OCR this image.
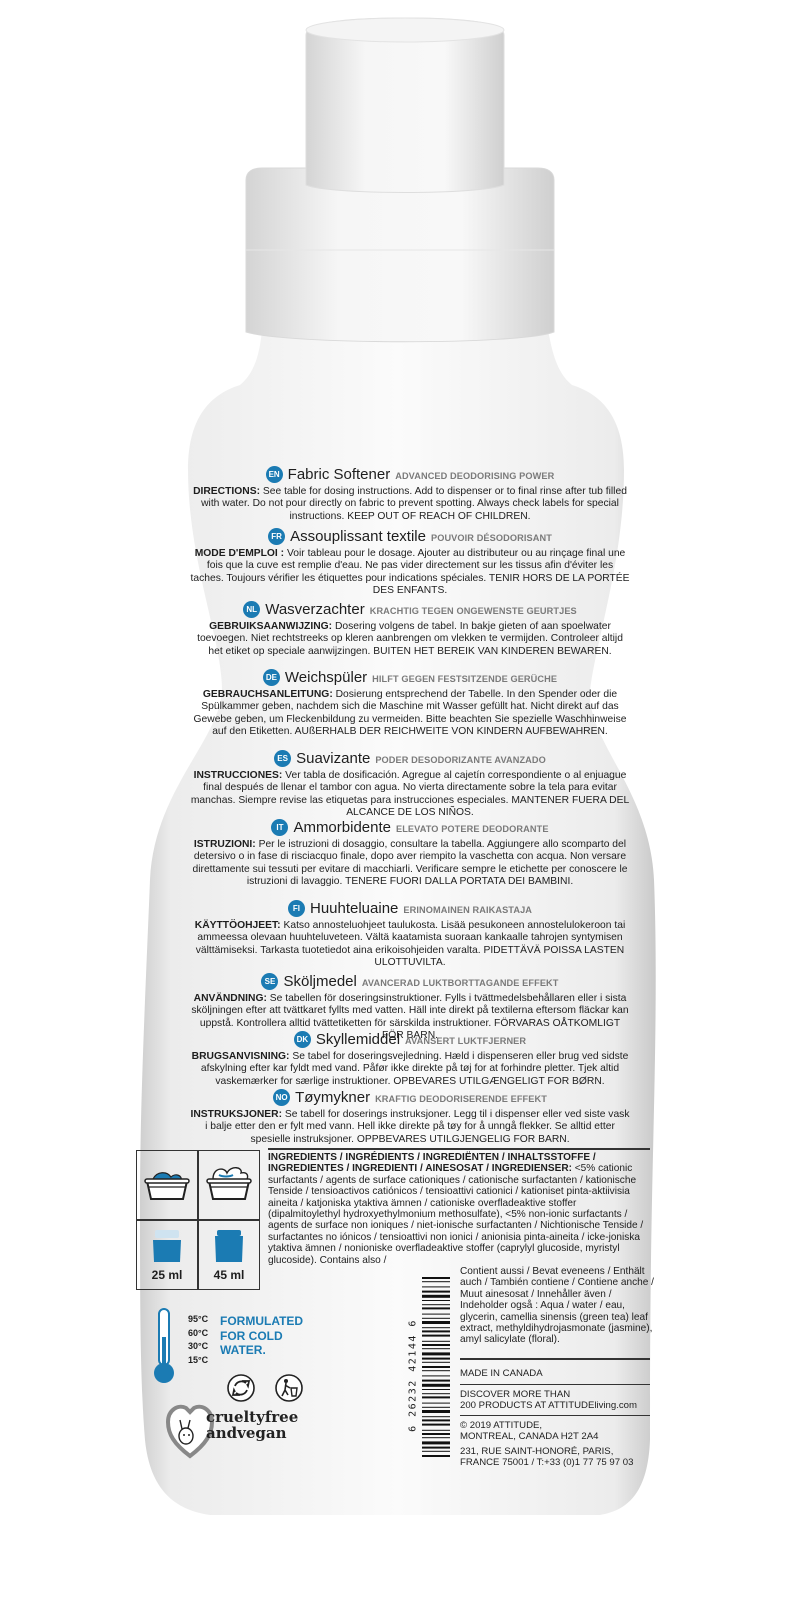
EN Fabric Softener ADVANCED DEODORISING POWER
DIRECTIONS: See table for dosing instructions. Add to dispenser or to final rinse after tub filled with water. Do not pour directly on fabric to prevent spotting. Always check labels for special instructions. KEEP OUT OF REACH OF CHILDREN.
FR Assouplissant textile POUVOIR DÉSODORISANT
MODE D'EMPLOI : Voir tableau pour le dosage. Ajouter au distributeur ou au rinçage final une fois que la cuve est remplie d'eau. Ne pas vider directement sur les tissus afin d'éviter les taches. Toujours vérifier les étiquettes pour indications spéciales. TENIR HORS DE LA PORTÉE DES ENFANTS.
NL Wasverzachter KRACHTIG TEGEN ONGEWENSTE GEURTJES
GEBRUIKSAANWIJZING: Dosering volgens de tabel. In bakje gieten of aan spoelwater toevoegen. Niet rechtstreeks op kleren aanbrengen om vlekken te vermijden. Controleer altijd het etiket op speciale aanwijzingen. BUITEN HET BEREIK VAN KINDEREN BEWAREN.
DE Weichspüler HILFT GEGEN FESTSITZENDE GERÜCHE
GEBRAUCHSANLEITUNG: Dosierung entsprechend der Tabelle. In den Spender oder die Spülkammer geben, nachdem sich die Maschine mit Wasser gefüllt hat. Nicht direkt auf das Gewebe geben, um Fleckenbildung zu vermeiden. Bitte beachten Sie spezielle Waschhinweise auf den Etiketten. AUßERHALB DER REICHWEITE VON KINDERN AUFBEWAHREN.
ES Suavizante PODER DESODORIZANTE AVANZADO
INSTRUCCIONES: Ver tabla de dosificación. Agregue al cajetín correspondiente o al enjuague final después de llenar el tambor con agua. No vierta directamente sobre la tela para evitar manchas. Siempre revise las etiquetas para instrucciones especiales. MANTENER FUERA DEL ALCANCE DE LOS NIÑOS.
IT Ammorbidente ELEVATO POTERE DEODORANTE
ISTRUZIONI: Per le istruzioni di dosaggio, consultare la tabella. Aggiungere allo scomparto del detersivo o in fase di risciacquo finale, dopo aver riempito la vaschetta con acqua. Non versare direttamente sui tessuti per evitare di macchiarli. Verificare sempre le etichette per conoscere le istruzioni di lavaggio. TENERE FUORI DALLA PORTATA DEI BAMBINI.
FI Huuhteluaine ERINOMAINEN RAIKASTAJA
KÄYTTÖOHJEET: Katso annosteluohjeet taulukosta. Lisää pesukoneen annostelulokeroon tai ammeessa olevaan huuhteluveteen. Vältä kaatamista suoraan kankaalle tahrojen syntymisen välttämiseksi. Tarkasta tuotetiedot aina erikoisohjeiden varalta. PIDETTÄVÄ POISSA LASTEN ULOTTUVILTA.
SE Sköljmedel AVANCERAD LUKTBORTTAGANDE EFFEKT
ANVÄNDNING: Se tabellen för doseringsinstruktioner. Fylls i tvättmedelsbehållaren eller i sista sköljningen efter att tvättkaret fyllts med vatten. Häll inte direkt på textilerna eftersom fläckar kan uppstå. Kontrollera alltid tvättetiketten för särskilda instruktioner. FÖRVARAS OÅTKOMLIGT FÖR BARN.
DK Skyllemiddel AVANSERT LUKTFJERNER
BRUGSANVISNING: Se tabel for doseringsvejledning. Hæld i dispenseren eller brug ved sidste afskylning efter kar fyldt med vand. Påfør ikke direkte på tøj for at forhindre pletter. Tjek altid vaskemærker for særlige instruktioner. OPBEVARES UTILGÆNGELIGT FOR BØRN.
NO Tøymykner KRAFTIG DEODORISERENDE EFFEKT
INSTRUKSJONER: Se tabell for doserings instruksjoner. Legg til i dispenser eller ved siste vask i balje etter den er fylt med vann. Hell ikke direkte på tøy for å unngå flekker. Se alltid etter spesielle instruksjoner. OPPBEVARES UTILGJENGELIG FOR BARN.
25 ml	45 ml
INGREDIENTS / INGRÉDIENTS / INGREDIËNTEN / INHALTSSTOFFE / INGREDIENTES / INGREDIENTI / AINESOSAT / INGREDIENSER: <5% cationic surfactants / agents de surface cationiques / cationische surfactanten / kationische Tenside / tensioactivos catiónicos / tensioattivi cationici / kationiset pinta-aktiivisia aineita / katjoniska ytaktiva ämnen / cationiske overfladeaktive stoffer (dipalmitoylethyl hydroxyethylmonium methosulfate), <5% non-ionic surfactants / agents de surface non ioniques / niet-ionische surfactanten / Nichtionische Tenside / surfactantes no iónicos / tensioattivi non ionici / anionisia pinta-aineita / icke-joniska ytaktiva ämnen / nonioniske overfladeaktive stoffer (caprylyl glucoside, myristyl glucoside). Contains also /
Contient aussi / Bevat eveneens / Enthält auch / También contiene / Contiene anche / Muut ainesosat / Innehåller även / Indeholder også : Aqua / water / eau, glycerin, camellia sinensis (green tea) leaf extract, methyldihydrojasmonate (jasmine), amyl salicylate (floral).
6 26232 42144 6	MADE IN CANADA
DISCOVER MORE THAN
200 PRODUCTS AT ATTITUDEliving.com
© 2019 ATTITUDE,
MONTREAL, CANADA H2T 2A4
231, RUE SAINT-HONORÉ, PARIS,
FRANCE 75001 / T:+33 (0)1 77 75 97 03
95°C
60°C
30°C
15°C
FORMULATED
FOR COLD
WATER.
crueltyfree
andvegan
